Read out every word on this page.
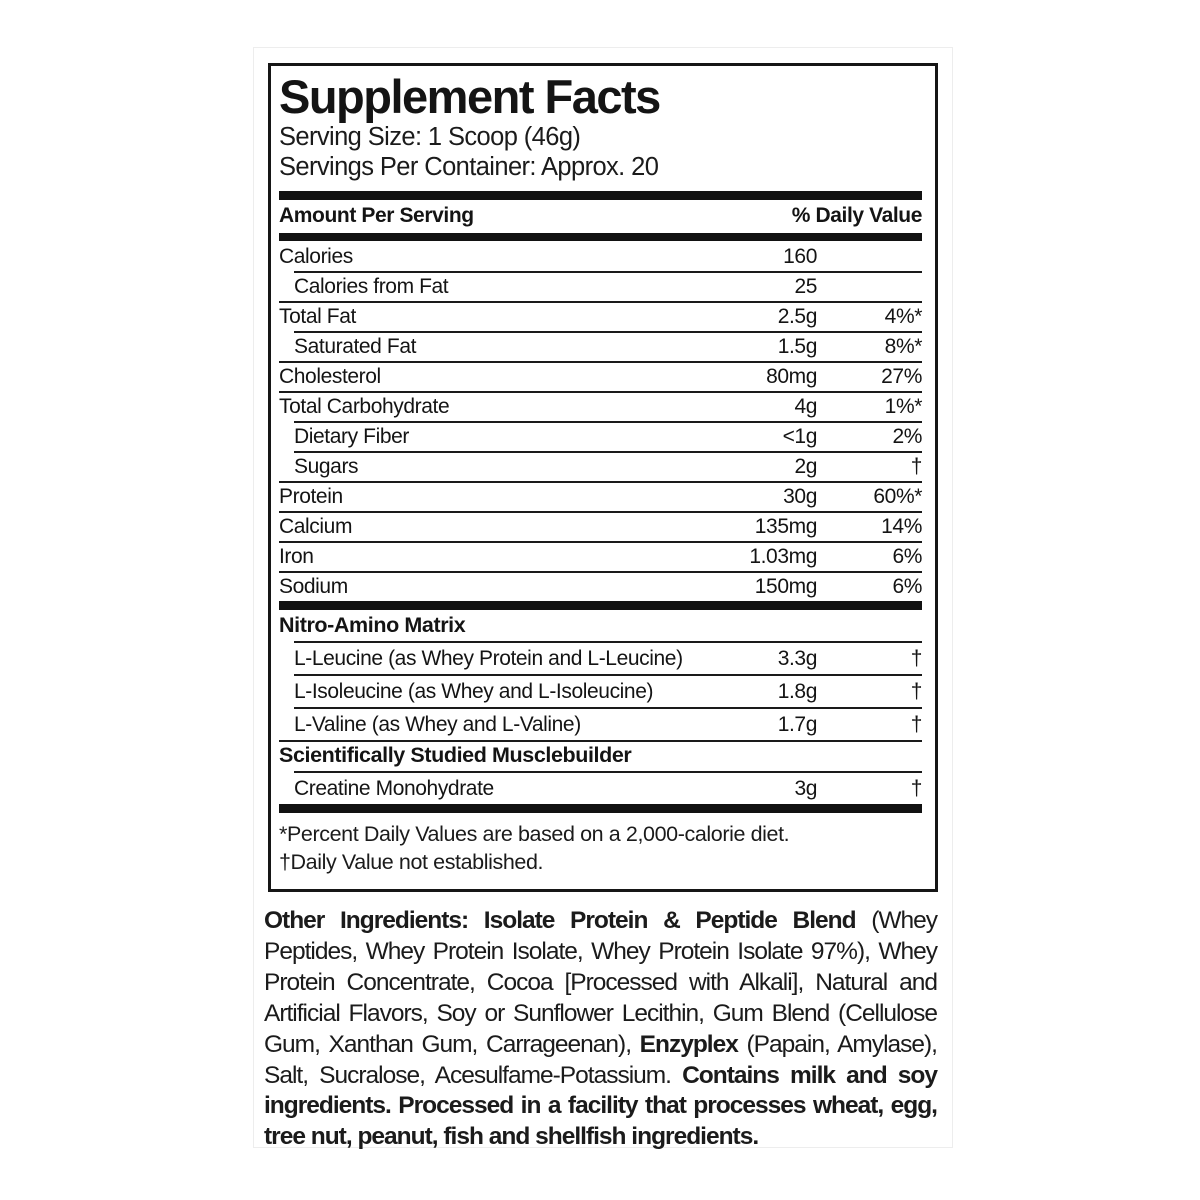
Supplement Facts
Serving Size: 1 Scoop (46g)
Servings Per Container: Approx. 20
Amount Per Serving	% Daily Value
Calories	160
Calories from Fat	25
Total Fat	2.5g	4%*
Saturated Fat	1.5g	8%*
Cholesterol	80mg	27%
Total Carbohydrate	4g	1%*
Dietary Fiber	<1g	2%
Sugars	2g	†
Protein	30g	60%*
Calcium	135mg	14%
Iron	1.03mg	6%
Sodium	150mg	6%
Nitro-Amino Matrix
L-Leucine (as Whey Protein and L-Leucine)	3.3g	†
L-Isoleucine (as Whey and L-Isoleucine)	1.8g	†
L-Valine (as Whey and L-Valine)	1.7g	†
Scientifically Studied Musclebuilder
Creatine Monohydrate	3g	†
*Percent Daily Values are based on a 2,000-calorie diet.
†Daily Value not established.

Other Ingredients: Isolate Protein & Peptide Blend (Whey Peptides, Whey Protein Isolate, Whey Protein Isolate 97%), Whey Protein Concentrate, Cocoa [Processed with Alkali], Natural and Artificial Flavors, Soy or Sunflower Lecithin, Gum Blend (Cellulose Gum, Xanthan Gum, Carrageenan), Enzyplex (Papain, Amylase), Salt, Sucralose, Acesulfame-Potassium. Contains milk and soy ingredients. Processed in a facility that processes wheat, egg, tree nut, peanut, fish and shellfish ingredients.
